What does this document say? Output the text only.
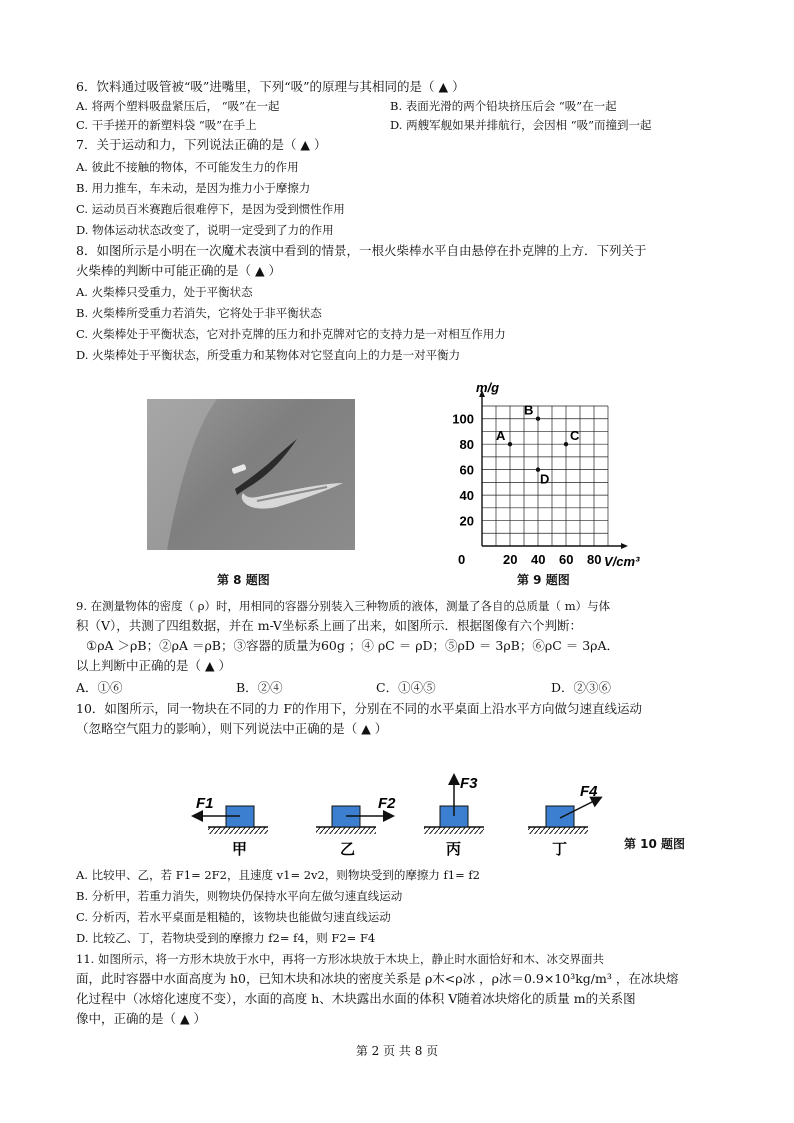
6．饮料通过吸管被“吸”进嘴里，下列“吸”的原理与其相同的是（ ▲ ）
A. 将两个塑料吸盘紧压后， “吸”在一起	B. 表面光滑的两个铅块挤压后会 “吸”在一起
C. 干手搓开的新塑料袋 “吸”在手上	D. 两艘军舰如果并排航行，会因相 “吸”而撞到一起
7．关于运动和力，下列说法正确的是（ ▲ ）
A. 彼此不接触的物体，不可能发生力的作用
B. 用力推车，车未动，是因为推力小于摩擦力
C. 运动员百米赛跑后很难停下，是因为受到惯性作用
D. 物体运动状态改变了，说明一定受到了力的作用
8．如图所示是小明在一次魔术表演中看到的情景，一根火柴棒水平自由悬停在扑克牌的上方．下列关于
火柴棒的判断中可能正确的是（ ▲ ）
A. 火柴棒只受重力，处于平衡状态
B. 火柴棒所受重力若消失，它将处于非平衡状态
C. 火柴棒处于平衡状态，它对扑克牌的压力和扑克牌对它的支持力是一对相互作用力
D. 火柴棒处于平衡状态，所受重力和某物体对它竖直向上的力是一对平衡力
第 8 题图
0	20 40 60 80
20
40
60
80
100
V/cm³
m/g
A
B
C
D
第 9 题图
9. 在测量物体的密度（ ρ）时，用相同的容器分别装入三种物质的液体，测量了各自的总质量（ m）与体
积（V），共测了四组数据，并在 m-V坐标系上画了出来，如图所示．根据图像有六个判断：
①ρA ＞ρB；②ρA ＝ρB；③容器的质量为60g ；④ ρC ＝ ρD；⑤ρD ＝ 3ρB；⑥ρC ＝ 3ρA．
以上判断中正确的是（ ▲ ）
A．①⑥	B．②④	C．①④⑤	D．②③⑥
10．如图所示，同一物块在不同的力 F的作用下，分别在不同的水平桌面上沿水平方向做匀速直线运动
（忽略空气阻力的影响），则下列说法中正确的是（ ▲ ）
F1
甲
F2
乙
F3
丙
F4
丁	第 10 题图
A. 比较甲、乙，若 F1= 2F2，且速度 v1= 2v2，则物块受到的摩擦力 f1= f2
B. 分析甲，若重力消失，则物块仍保持水平向左做匀速直线运动
C. 分析丙，若水平桌面是粗糙的，该物块也能做匀速直线运动
D. 比较乙、丁，若物块受到的摩擦力 f2= f4，则 F2= F4
11. 如图所示，将一方形木块放于水中，再将一方形冰块放于木块上，静止时水面恰好和木、冰交界面共
面，此时容器中水面高度为 h0，已知木块和冰块的密度关系是 ρ木<ρ冰 ，ρ冰＝0.9×10³kg/m³ ，在冰块熔
化过程中（冰熔化速度不变），水面的高度 h、木块露出水面的体积 V随着冰块熔化的质量 m的关系图
像中，正确的是（ ▲ ）
第 2 页 共 8 页
